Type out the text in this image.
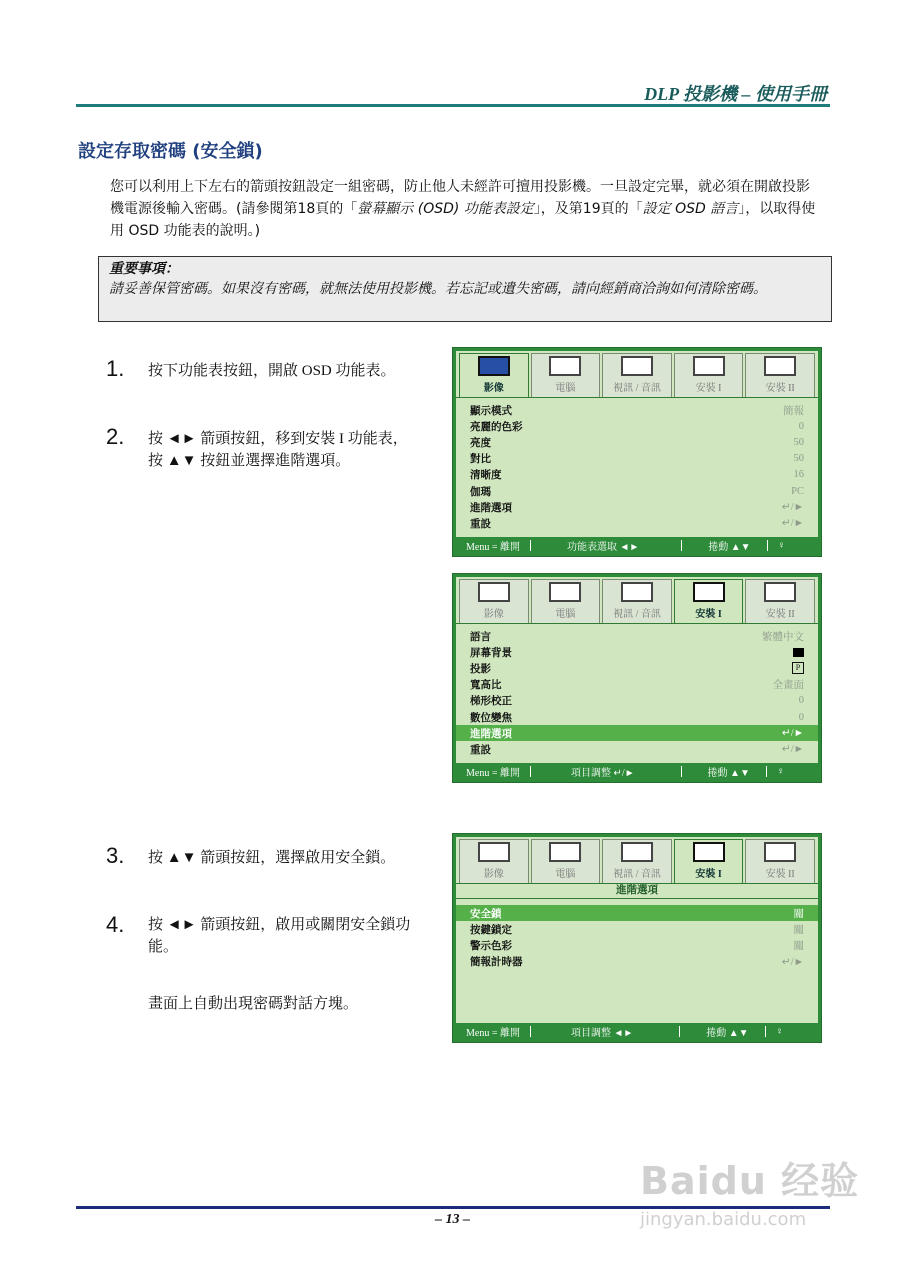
DLP 投影機 – 使用手冊
設定存取密碼 (安全鎖)
您可以利用上下左右的箭頭按鈕設定一組密碼，防止他人未經許可擅用投影機。一旦設定完畢，就必須在開啟投影機電源後輸入密碼。(請參閱第18頁的「螢幕顯示 (OSD) 功能表設定」，及第19頁的「設定 OSD 語言」，以取得使用 OSD 功能表的說明。)
重要事項：
請妥善保管密碼。如果沒有密碼，就無法使用投影機。若忘記或遺失密碼，請向經銷商洽詢如何清除密碼。
1. 按下功能表按鈕，開啟 OSD 功能表。
2. 按 ◄► 箭頭按鈕，移到安裝 I 功能表，按 ▲▼ 按鈕並選擇進階選項。
3. 按 ▲▼ 箭頭按鈕，選擇啟用安全鎖。
4. 按 ◄► 箭頭按鈕，啟用或關閉安全鎖功能。
畫面上自動出現密碼對話方塊。
影像	電腦	視訊 / 音訊	安裝 I	安裝 II
顯示模式	簡報
亮麗的色彩	0
亮度	50
對比	50
清晰度	16
伽瑪	PC
進階選項	↵/►
重設	↵/►
Menu = 離開	功能表選取 ◄►	捲動 ▲▼	♀
影像	電腦	視訊 / 音訊	安裝 I	安裝 II
語言	繁體中文
屏幕背景
投影	P
寬高比	全畫面
梯形校正	0
數位變焦	0
進階選項	↵/►
重設	↵/►
Menu = 離開	項目調整 ↵/►	捲動 ▲▼	♀
影像	電腦	視訊 / 音訊	安裝 I	安裝 II
進階選項
安全鎖	關
按鍵鎖定	關
警示色彩	關
簡報計時器	↵/►
Menu = 離開	項目調整 ◄►	捲動 ▲▼	♀
– 13 –
Baidu 经验
jingyan.baidu.com
